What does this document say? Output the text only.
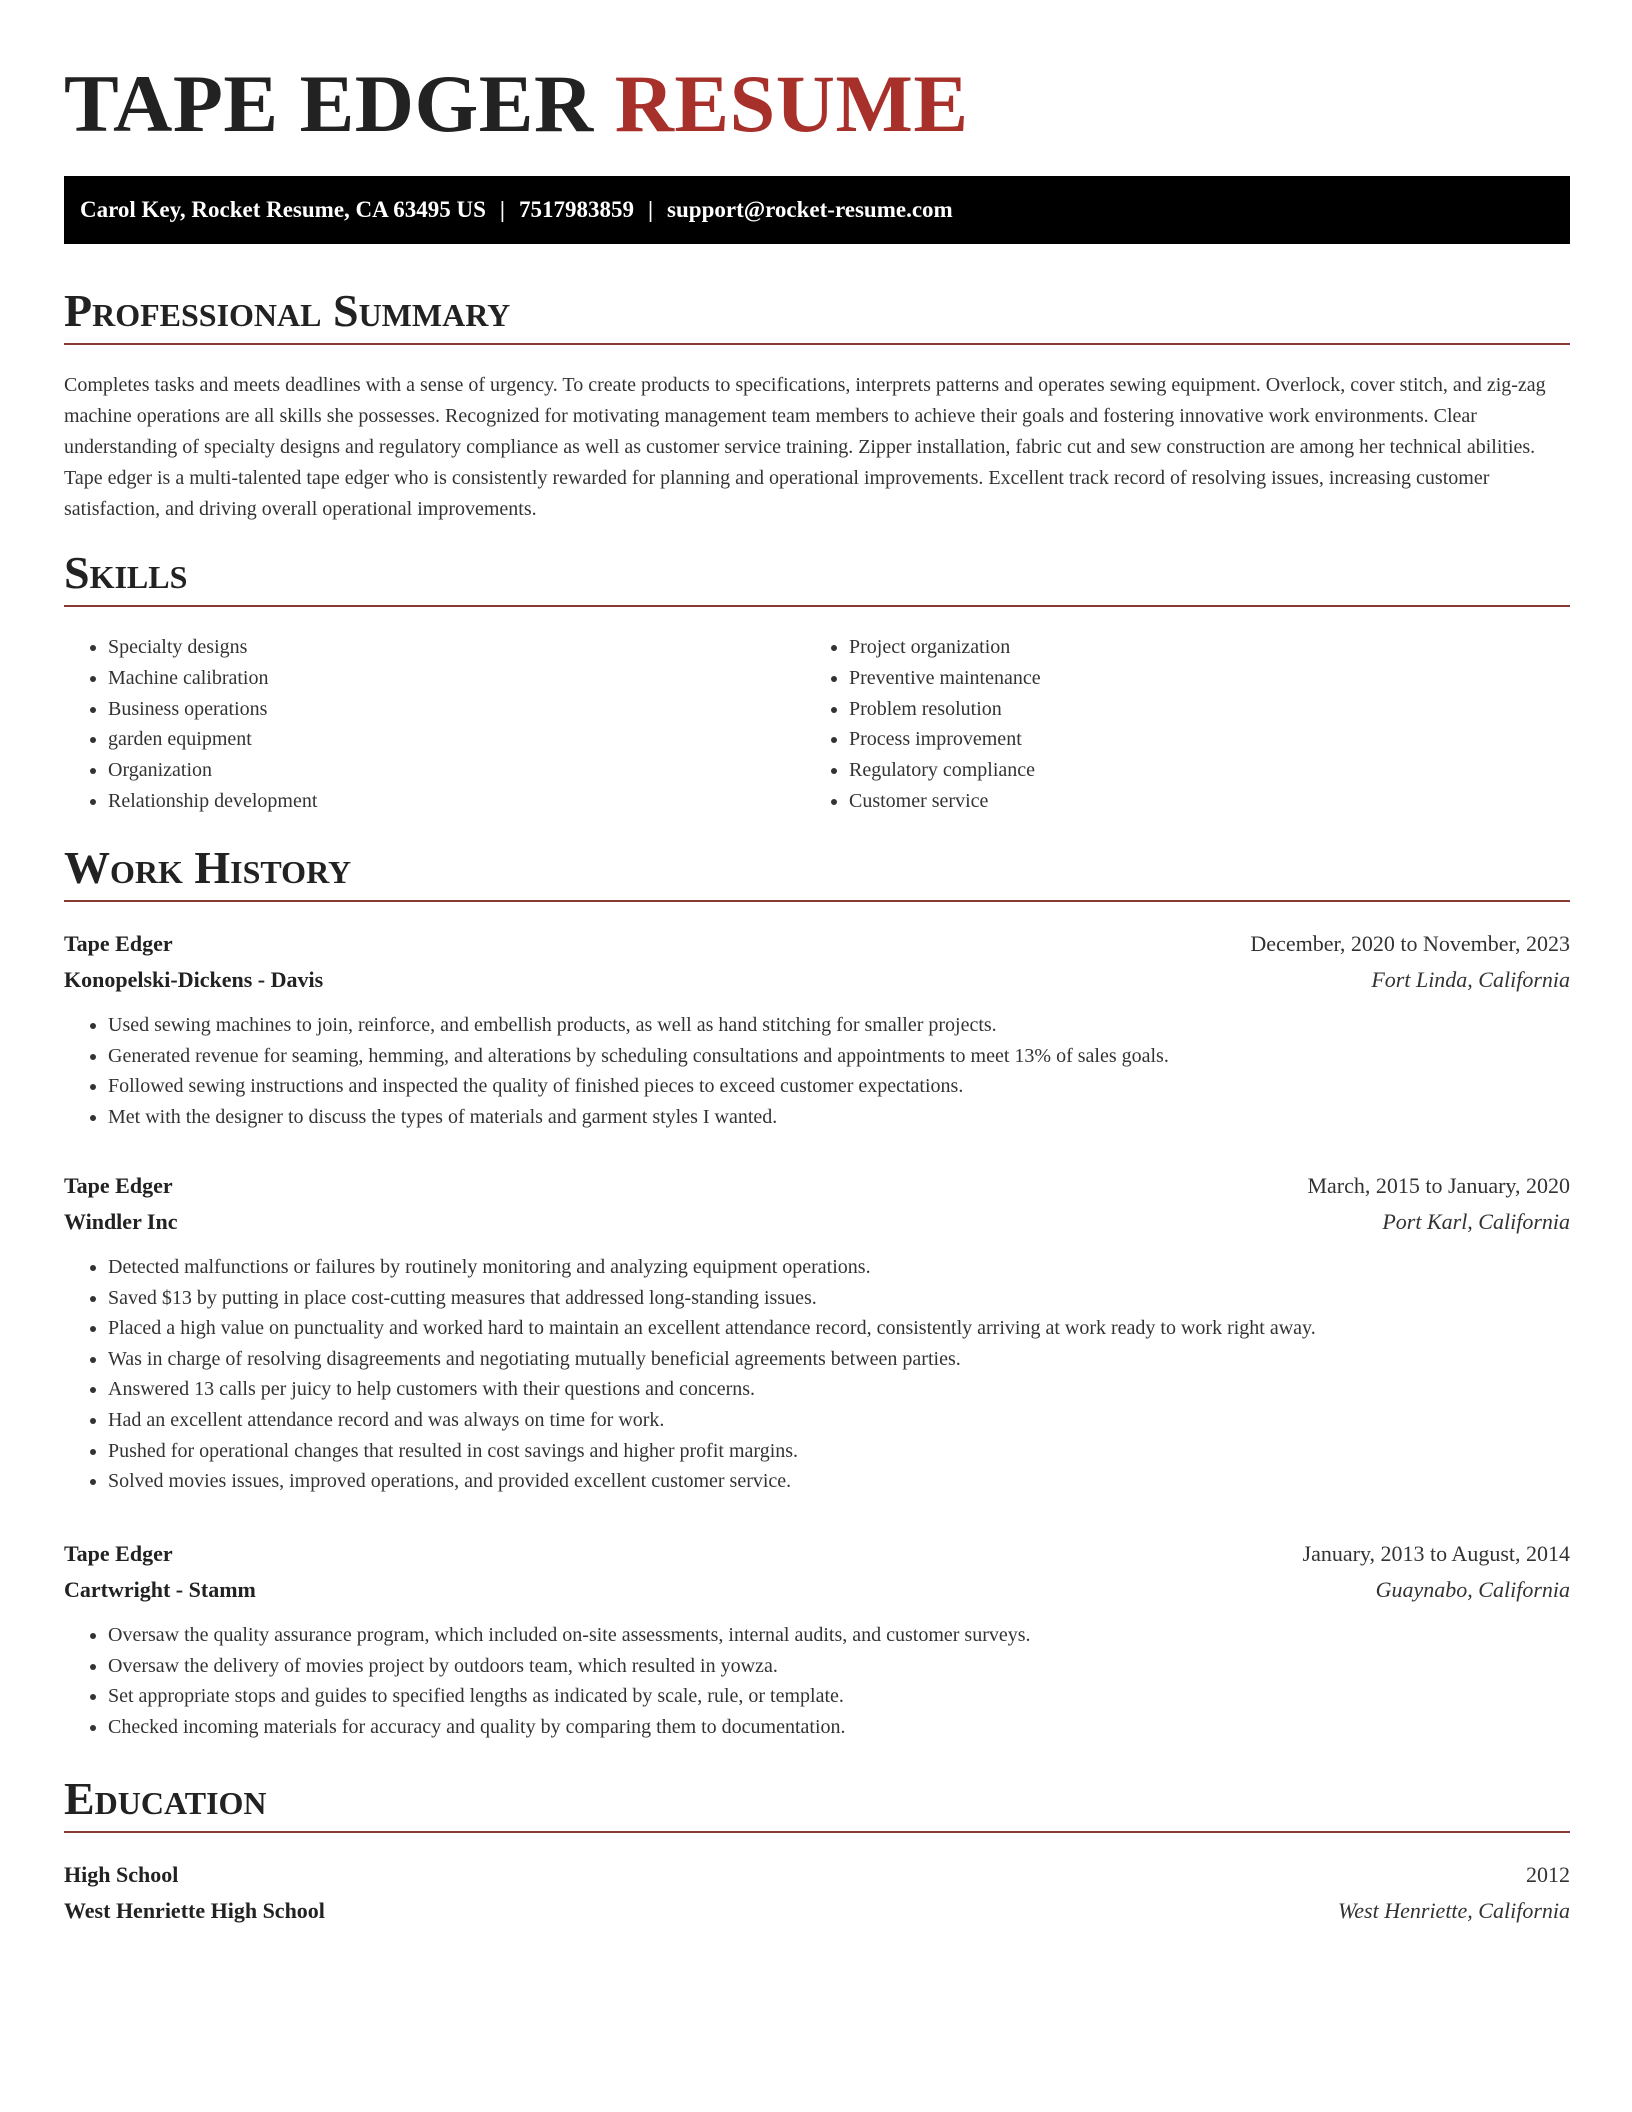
TAPE EDGER RESUME
Carol Key, Rocket Resume, CA 63495 US | 7517983859 | support@rocket-resume.com
Professional Summary

Completes tasks and meets deadlines with a sense of urgency. To create products to specifications, interprets patterns and operates sewing equipment. Overlock, cover stitch, and zig-zag machine operations are all skills she possesses. Recognized for motivating management team members to achieve their goals and fostering innovative work environments. Clear understanding of specialty designs and regulatory compliance as well as customer service training. Zipper installation, fabric cut and sew construction are among her technical abilities. Tape edger is a multi-talented tape edger who is consistently rewarded for planning and operational improvements. Excellent track record of resolving issues, increasing customer satisfaction, and driving overall operational improvements.

Skills
• Specialty designs
• Machine calibration
• Business operations
• garden equipment
• Organization
• Relationship development
• Project organization
• Preventive maintenance
• Problem resolution
• Process improvement
• Regulatory compliance
• Customer service
Work History
Tape Edger	December, 2020 to November, 2023
Konopelski-Dickens - Davis	Fort Linda, California
• Used sewing machines to join, reinforce, and embellish products, as well as hand stitching for smaller projects.
• Generated revenue for seaming, hemming, and alterations by scheduling consultations and appointments to meet 13% of sales goals.
• Followed sewing instructions and inspected the quality of finished pieces to exceed customer expectations.
• Met with the designer to discuss the types of materials and garment styles I wanted.
Tape Edger	March, 2015 to January, 2020
Windler Inc	Port Karl, California
• Detected malfunctions or failures by routinely monitoring and analyzing equipment operations.
• Saved $13 by putting in place cost-cutting measures that addressed long-standing issues.
• Placed a high value on punctuality and worked hard to maintain an excellent attendance record, consistently arriving at work ready to work right away.
• Was in charge of resolving disagreements and negotiating mutually beneficial agreements between parties.
• Answered 13 calls per juicy to help customers with their questions and concerns.
• Had an excellent attendance record and was always on time for work.
• Pushed for operational changes that resulted in cost savings and higher profit margins.
• Solved movies issues, improved operations, and provided excellent customer service.
Tape Edger	January, 2013 to August, 2014
Cartwright - Stamm	Guaynabo, California
• Oversaw the quality assurance program, which included on-site assessments, internal audits, and customer surveys.
• Oversaw the delivery of movies project by outdoors team, which resulted in yowza.
• Set appropriate stops and guides to specified lengths as indicated by scale, rule, or template.
• Checked incoming materials for accuracy and quality by comparing them to documentation.
Education
High School	2012
West Henriette High School	West Henriette, California
